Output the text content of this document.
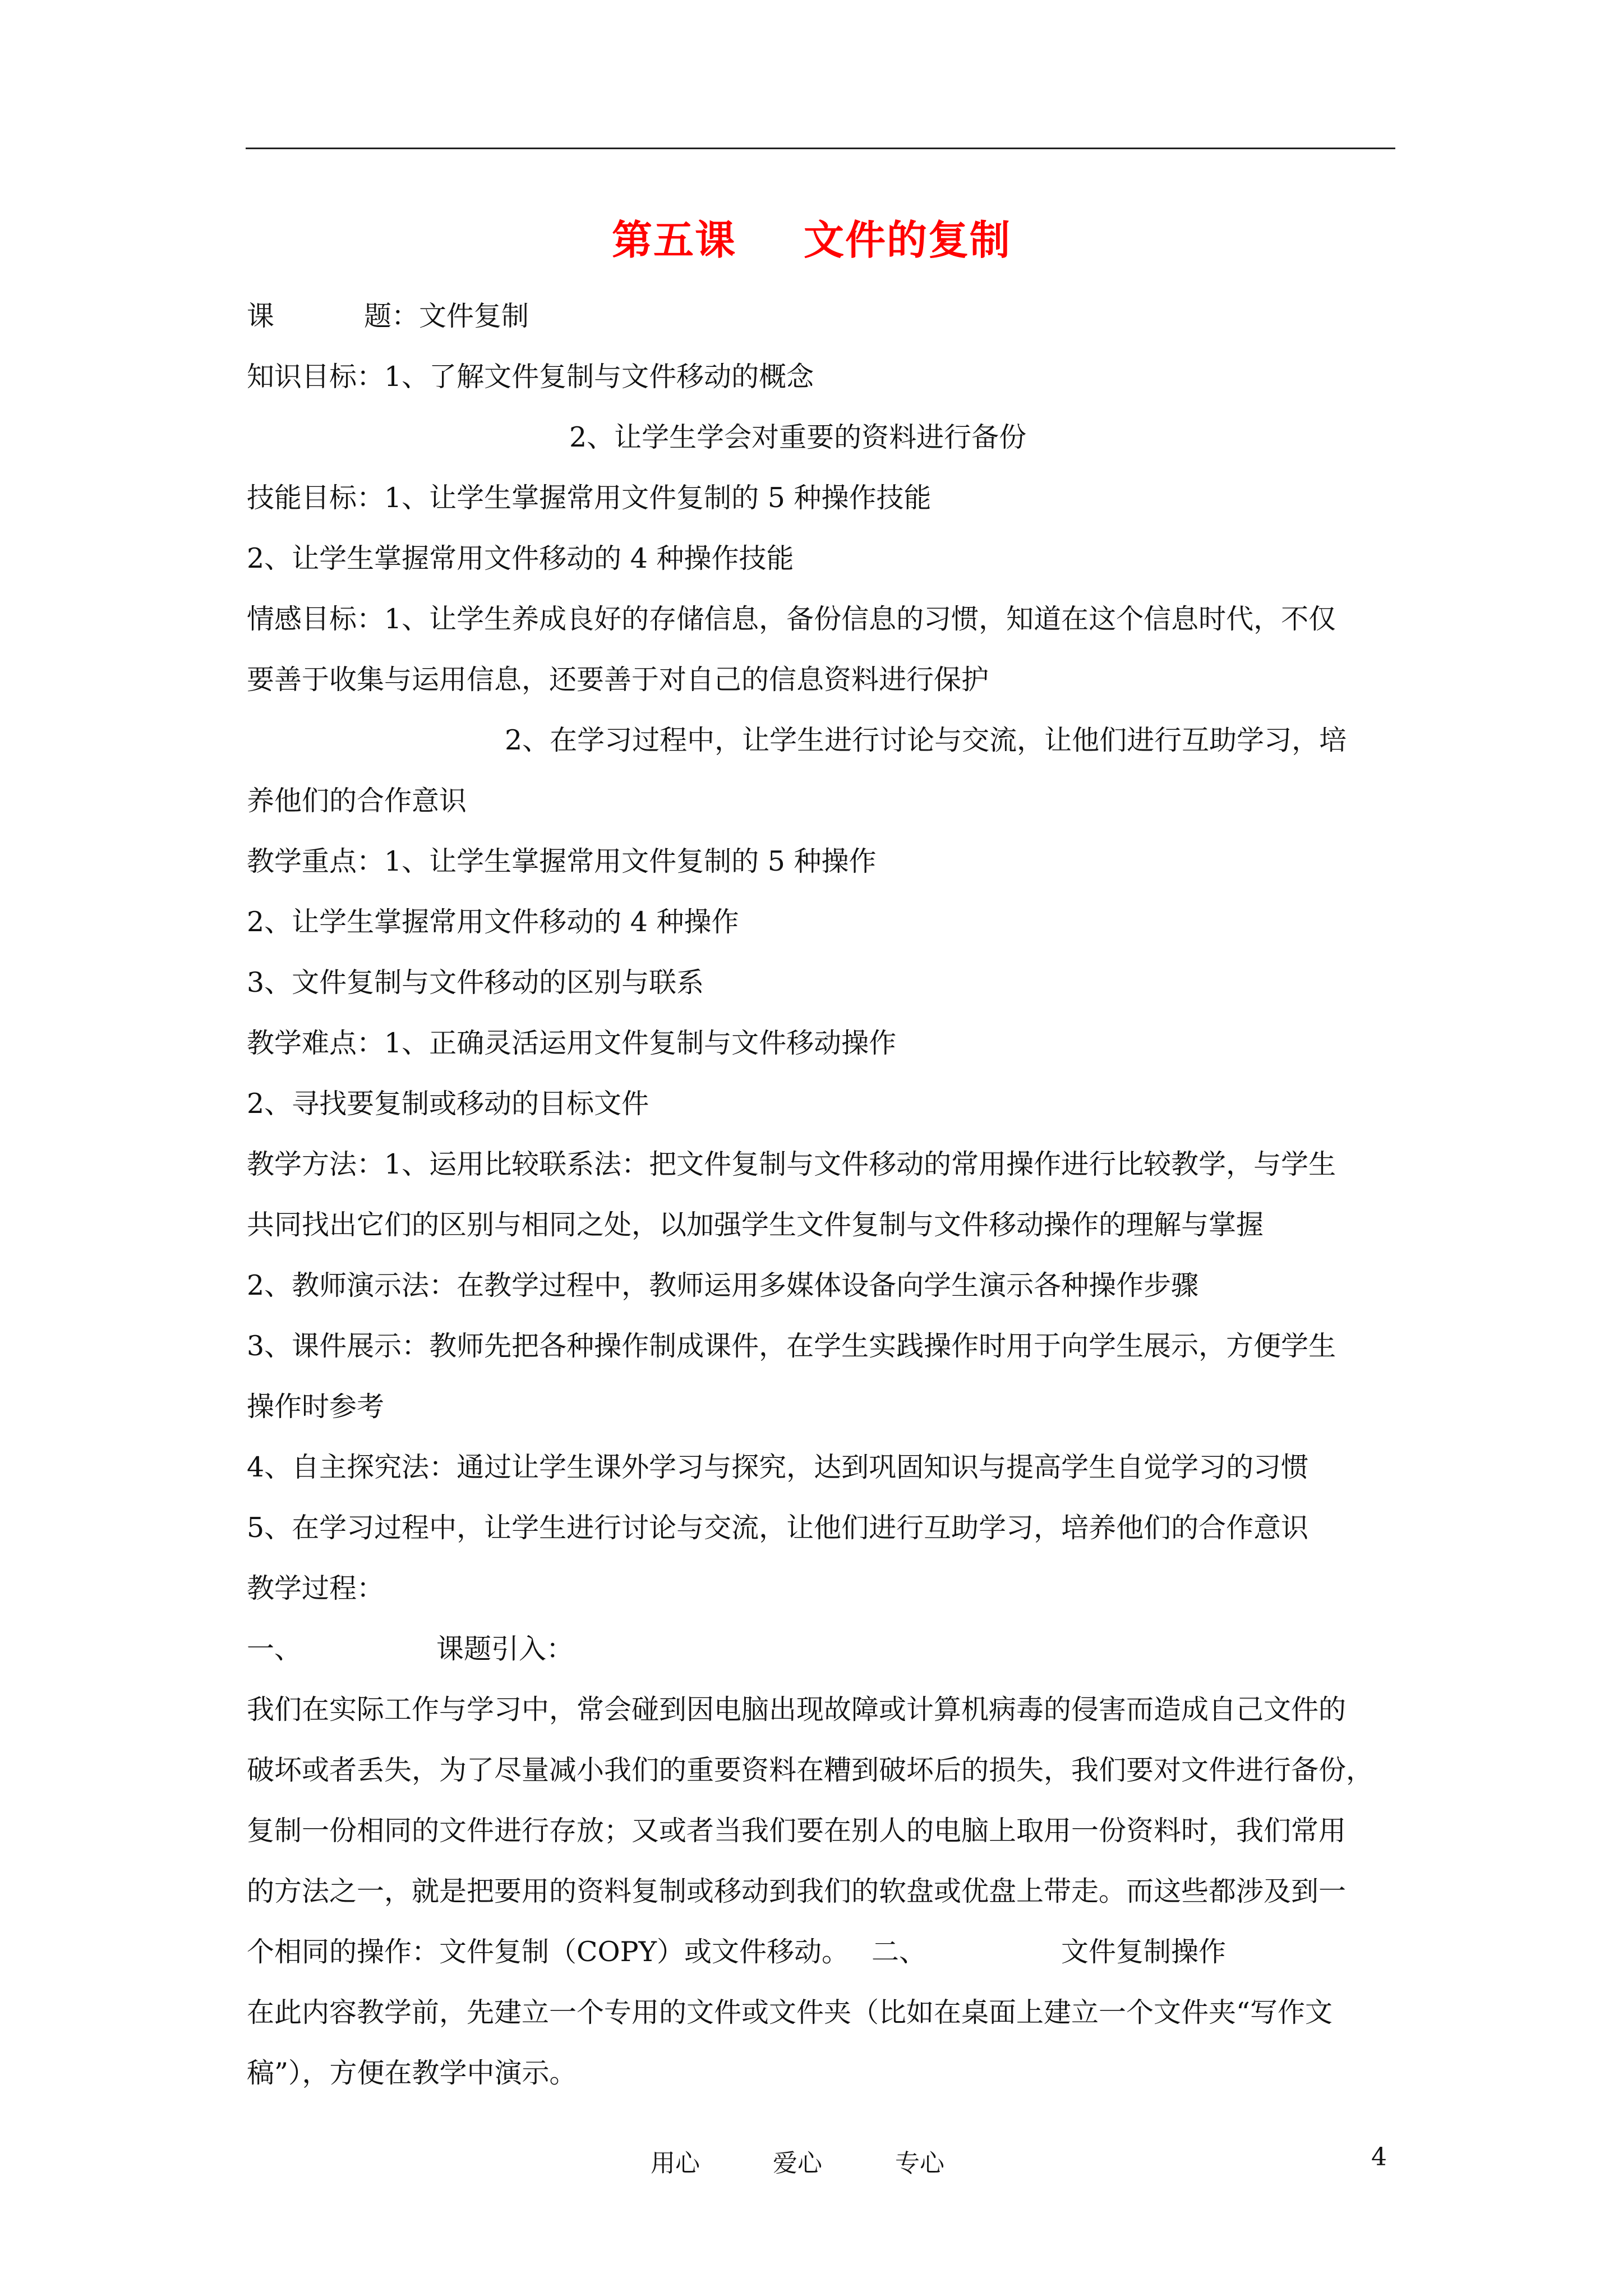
第五课 文件的复制
课	题：文件复制
知识目标：1、了解文件复制与文件移动的概念
2、让学生学会对重要的资料进行备份
技能目标：1、让学生掌握常用文件复制的 5 种操作技能
2、让学生掌握常用文件移动的 4 种操作技能
情感目标：1、让学生养成良好的存储信息，备份信息的习惯，知道在这个信息时代，不仅
要善于收集与运用信息，还要善于对自己的信息资料进行保护
2、在学习过程中，让学生进行讨论与交流，让他们进行互助学习，培
养他们的合作意识
教学重点：1、让学生掌握常用文件复制的 5 种操作
2、让学生掌握常用文件移动的 4 种操作
3、文件复制与文件移动的区别与联系
教学难点：1、正确灵活运用文件复制与文件移动操作
2、寻找要复制或移动的目标文件
教学方法：1、运用比较联系法：把文件复制与文件移动的常用操作进行比较教学，与学生
共同找出它们的区别与相同之处，以加强学生文件复制与文件移动操作的理解与掌握
2、教师演示法：在教学过程中，教师运用多媒体设备向学生演示各种操作步骤
3、课件展示：教师先把各种操作制成课件，在学生实践操作时用于向学生展示，方便学生
操作时参考
4、自主探究法：通过让学生课外学习与探究，达到巩固知识与提高学生自觉学习的习惯
5、在学习过程中，让学生进行讨论与交流，让他们进行互助学习，培养他们的合作意识
教学过程：
一、	课题引入：
我们在实际工作与学习中，常会碰到因电脑出现故障或计算机病毒的侵害而造成自己文件的
破坏或者丢失，为了尽量减小我们的重要资料在糟到破坏后的损失，我们要对文件进行备份，
复制一份相同的文件进行存放；又或者当我们要在别人的电脑上取用一份资料时，我们常用
的方法之一，就是把要用的资料复制或移动到我们的软盘或优盘上带走。而这些都涉及到一
个相同的操作：文件复制（COPY）或文件移动。 二、	文件复制操作
在此内容教学前，先建立一个专用的文件或文件夹（比如在桌面上建立一个文件夹“写作文
稿”），方便在教学中演示。
用心	爱心	专心	4
